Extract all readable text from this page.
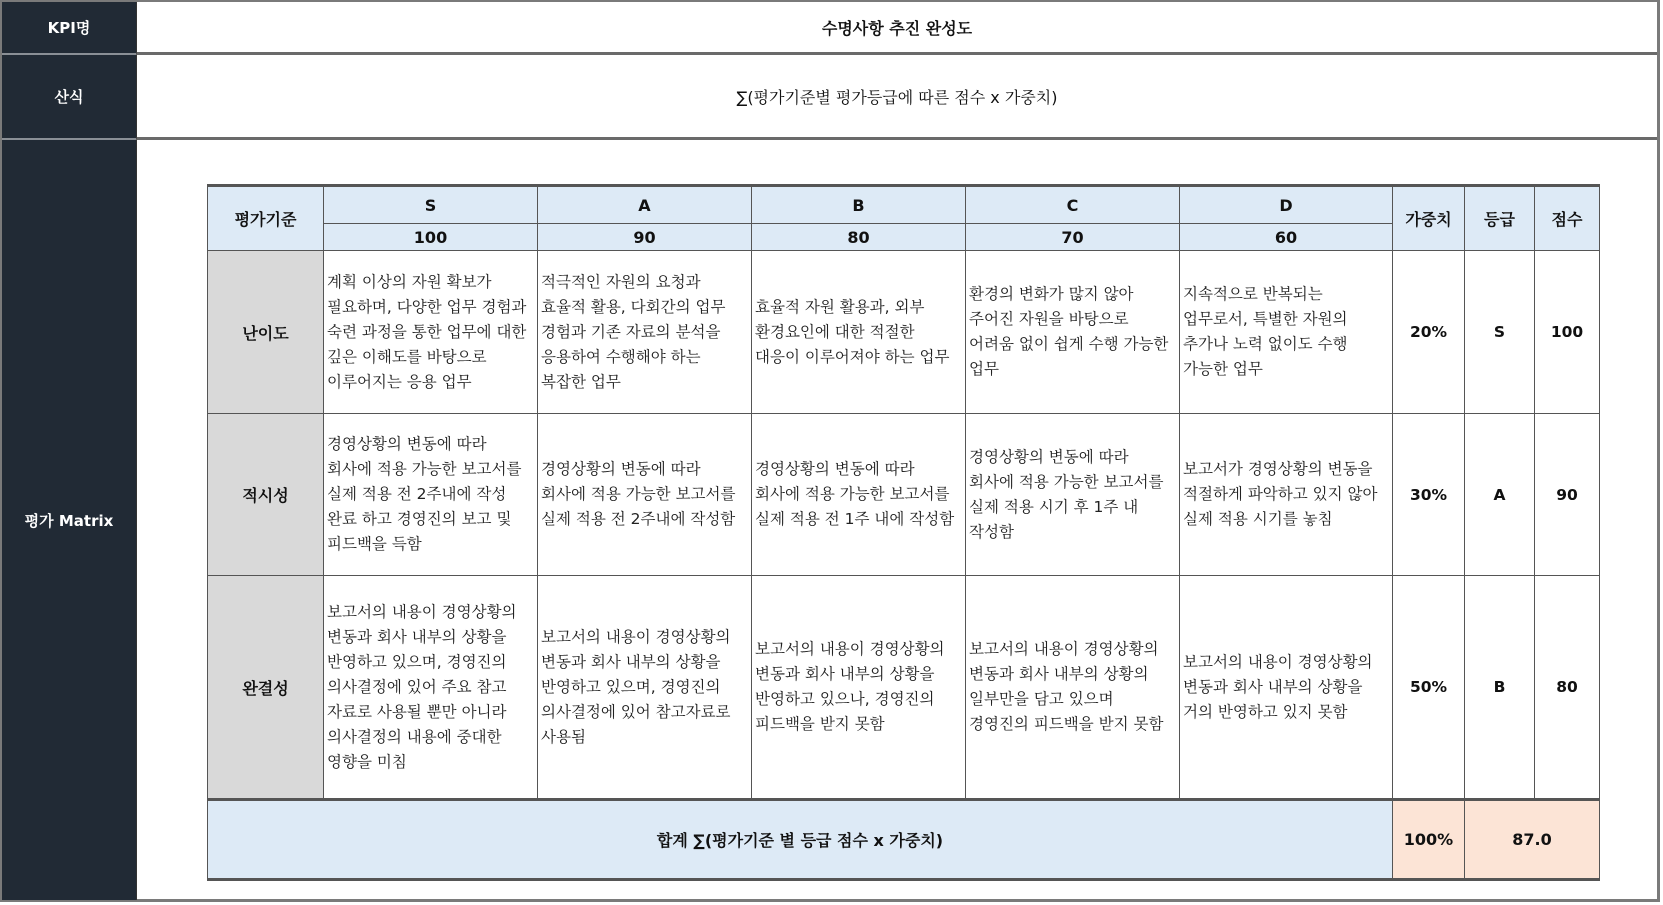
KPI명	수명사항 추진 완성도
산식	∑(평가기준별 평가등급에 따른 점수 x 가중치)
평가 Matrix
평가기준	S	A	B	C	D	가중치	등급	점수
	100	90	80	70	60			
난이도	계획 이상의 자원 확보가 필요하며, 다양한 업무 경험과 숙련 과정을 통한 업무에 대한 깊은 이해도를 바탕으로 이루어지는 응용 업무	적극적인 자원의 요청과 효율적 활용, 다회간의 업무 경험과 기존 자료의 분석을 응용하여 수행해야 하는 복잡한 업무	효율적 자원 활용과, 외부 환경요인에 대한 적절한 대응이 이루어져야 하는 업무	환경의 변화가 많지 않아 주어진 자원을 바탕으로 어려움 없이 쉽게 수행 가능한 업무	지속적으로 반복되는 업무로서, 특별한 자원의 추가나 노력 없이도 수행 가능한 업무	20%	S	100
적시성	경영상황의 변동에 따라 회사에 적용 가능한 보고서를 실제 적용 전 2주내에 작성 완료 하고 경영진의 보고 및 피드백을 득함	경영상황의 변동에 따라 회사에 적용 가능한 보고서를 실제 적용 전 2주내에 작성함	경영상황의 변동에 따라 회사에 적용 가능한 보고서를 실제 적용 전 1주 내에 작성함	경영상황의 변동에 따라 회사에 적용 가능한 보고서를 실제 적용 시기 후 1주 내 작성함	보고서가 경영상황의 변동을 적절하게 파악하고 있지 않아 실제 적용 시기를 놓침	30%	A	90
완결성	보고서의 내용이 경영상황의 변동과 회사 내부의 상황을 반영하고 있으며, 경영진의 의사결정에 있어 주요 참고 자료로 사용될 뿐만 아니라 의사결정의 내용에 중대한 영향을 미침	보고서의 내용이 경영상황의 변동과 회사 내부의 상황을 반영하고 있으며, 경영진의 의사결정에 있어 참고자료로 사용됨	보고서의 내용이 경영상황의 변동과 회사 내부의 상황을 반영하고 있으나, 경영진의 피드백을 받지 못함	보고서의 내용이 경영상황의 변동과 회사 내부의 상황의 일부만을 담고 있으며 경영진의 피드백을 받지 못함	보고서의 내용이 경영상황의 변동과 회사 내부의 상황을 거의 반영하고 있지 못함	50%	B	80
합계 ∑(평가기준 별 등급 점수 x 가중치)						100%	87.0	
